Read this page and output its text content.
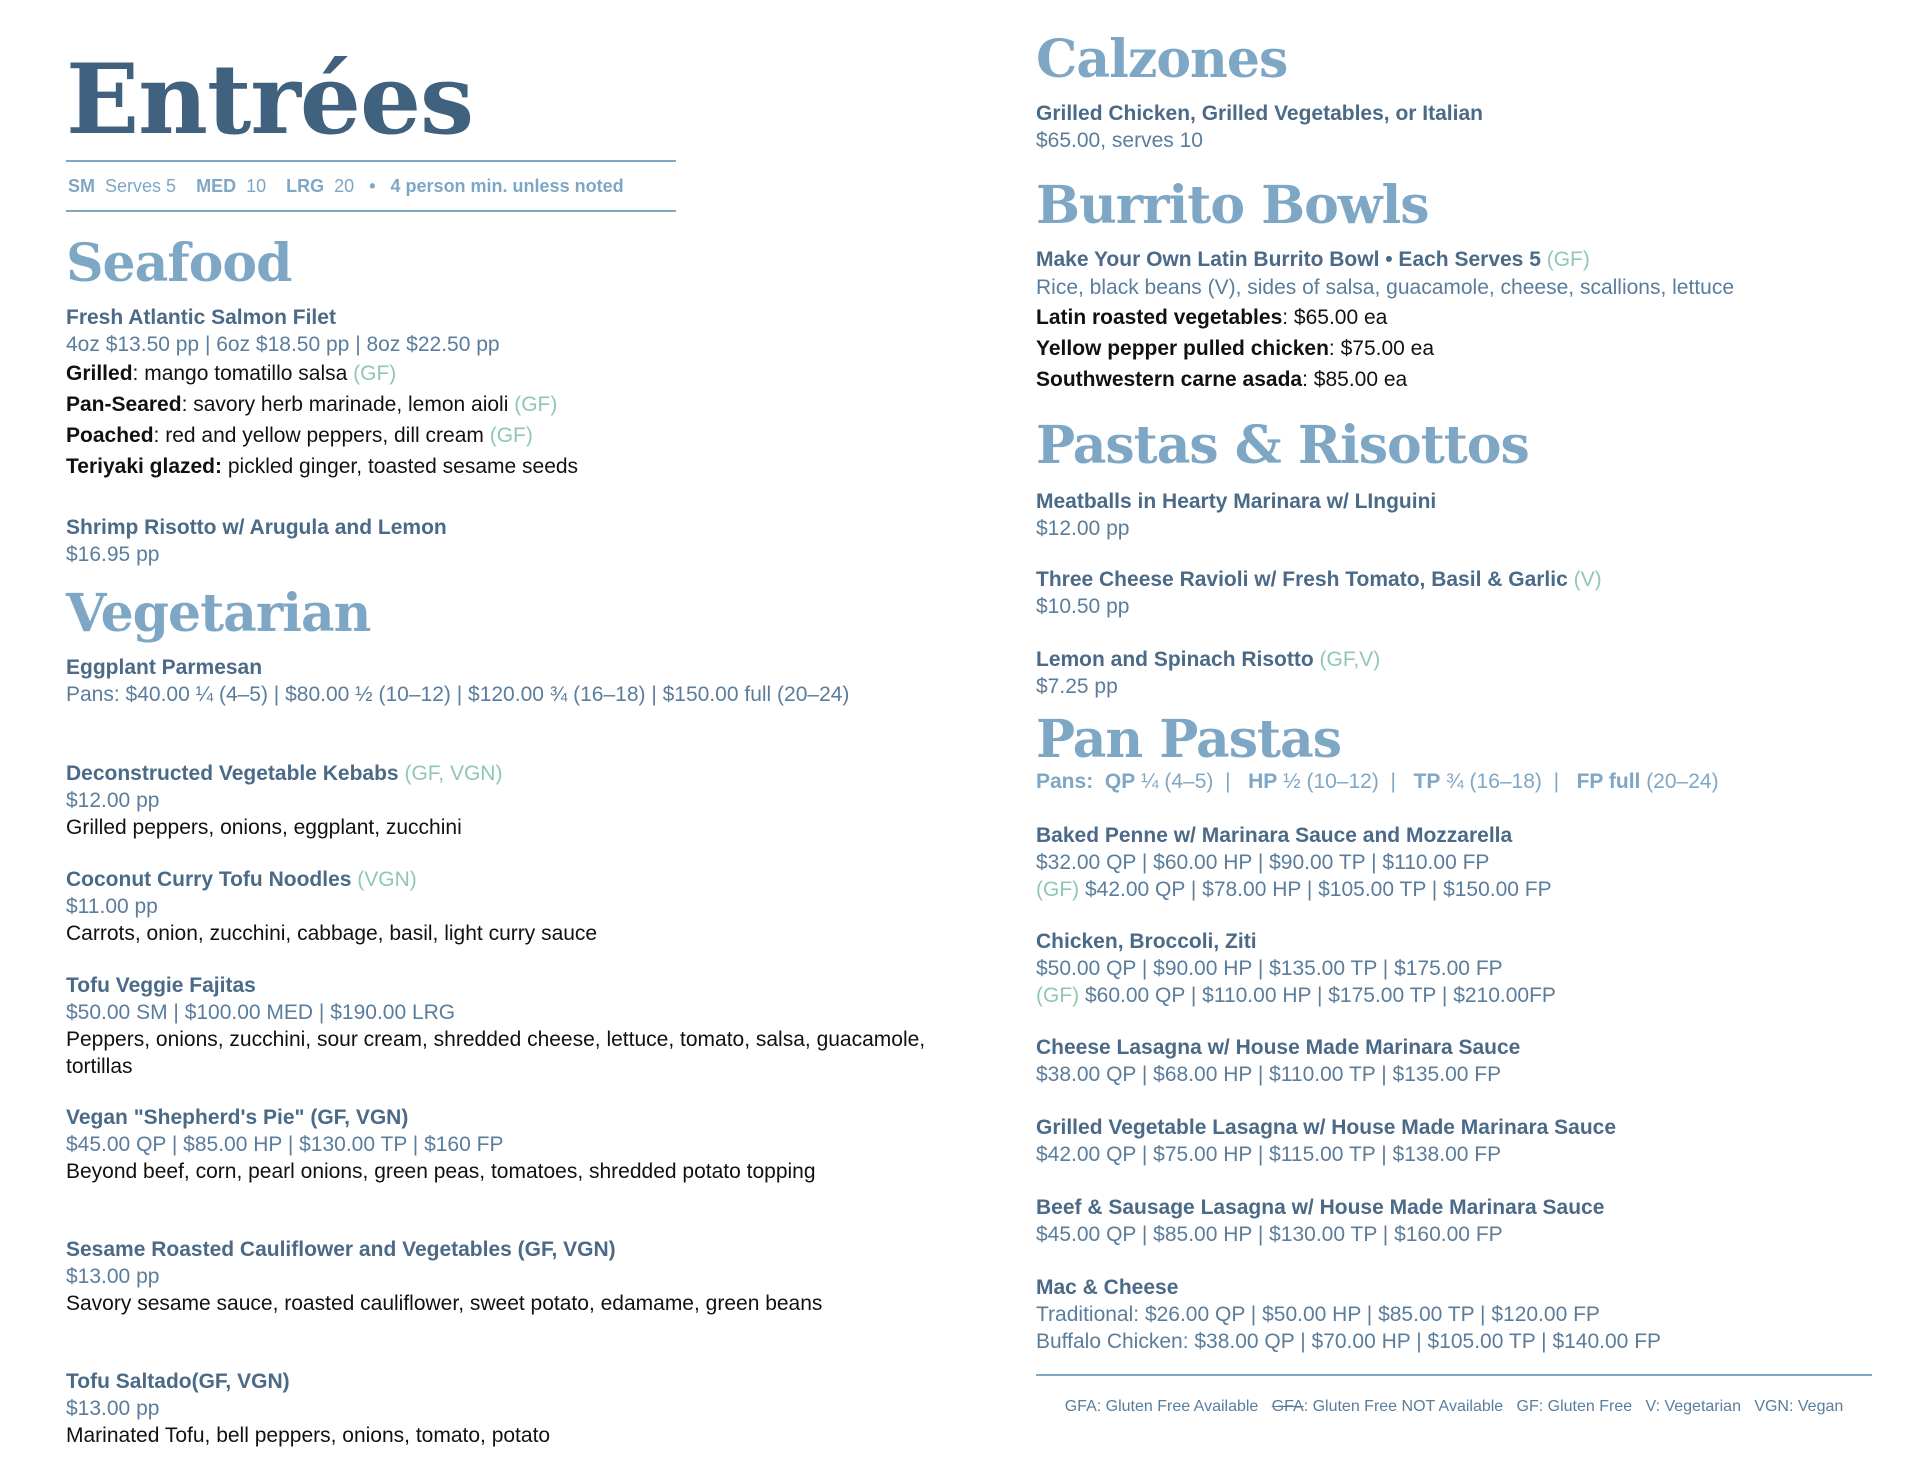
Entrées
SM Serves 5 MED 10 LRG 20 • 4 person min. unless noted
Seafood
Fresh Atlantic Salmon Filet
4oz $13.50 pp | 6oz $18.50 pp | 8oz $22.50 pp
Grilled: mango tomatillo salsa (GF)
Pan-Seared: savory herb marinade, lemon aioli (GF)
Poached: red and yellow peppers, dill cream (GF)
Teriyaki glazed: pickled ginger, toasted sesame seeds
Shrimp Risotto w/ Arugula and Lemon
$16.95 pp
Vegetarian
Eggplant Parmesan
Pans: $40.00 ¼ (4–5) | $80.00 ½ (10–12) | $120.00 ¾ (16–18) | $150.00 full (20–24)
Deconstructed Vegetable Kebabs (GF, VGN)
$12.00 pp
Grilled peppers, onions, eggplant, zucchini
Coconut Curry Tofu Noodles (VGN)
$11.00 pp
Carrots, onion, zucchini, cabbage, basil, light curry sauce
Tofu Veggie Fajitas
$50.00 SM | $100.00 MED | $190.00 LRG
Peppers, onions, zucchini, sour cream, shredded cheese, lettuce, tomato, salsa, guacamole, tortillas
Vegan "Shepherd's Pie" (GF, VGN)
$45.00 QP | $85.00 HP | $130.00 TP | $160 FP
Beyond beef, corn, pearl onions, green peas, tomatoes, shredded potato topping
Sesame Roasted Cauliflower and Vegetables (GF, VGN)
$13.00 pp
Savory sesame sauce, roasted cauliflower, sweet potato, edamame, green beans
Tofu Saltado(GF, VGN)
$13.00 pp
Marinated Tofu, bell peppers, onions, tomato, potato
Calzones
Grilled Chicken, Grilled Vegetables, or Italian
$65.00, serves 10
Burrito Bowls
Make Your Own Latin Burrito Bowl • Each Serves 5 (GF)
Rice, black beans (V), sides of salsa, guacamole, cheese, scallions, lettuce
Latin roasted vegetables: $65.00 ea
Yellow pepper pulled chicken: $75.00 ea
Southwestern carne asada: $85.00 ea
Pastas & Risottos
Meatballs in Hearty Marinara w/ LInguini
$12.00 pp
Three Cheese Ravioli w/ Fresh Tomato, Basil & Garlic (V)
$10.50 pp
Lemon and Spinach Risotto (GF,V)
$7.25 pp
Pan Pastas
Pans: QP ¼ (4–5) | HP ½ (10–12) | TP ¾ (16–18) | FP full (20–24)
Baked Penne w/ Marinara Sauce and Mozzarella
$32.00 QP | $60.00 HP | $90.00 TP | $110.00 FP
(GF) $42.00 QP | $78.00 HP | $105.00 TP | $150.00 FP
Chicken, Broccoli, Ziti
$50.00 QP | $90.00 HP | $135.00 TP | $175.00 FP
(GF) $60.00 QP | $110.00 HP | $175.00 TP | $210.00FP
Cheese Lasagna w/ House Made Marinara Sauce
$38.00 QP | $68.00 HP | $110.00 TP | $135.00 FP
Grilled Vegetable Lasagna w/ House Made Marinara Sauce
$42.00 QP | $75.00 HP | $115.00 TP | $138.00 FP
Beef & Sausage Lasagna w/ House Made Marinara Sauce
$45.00 QP | $85.00 HP | $130.00 TP | $160.00 FP
Mac & Cheese
Traditional: $26.00 QP | $50.00 HP | $85.00 TP | $120.00 FP
Buffalo Chicken: $38.00 QP | $70.00 HP | $105.00 TP | $140.00 FP
GFA: Gluten Free Available GFA: Gluten Free NOT Available GF: Gluten Free V: Vegetarian VGN: Vegan
